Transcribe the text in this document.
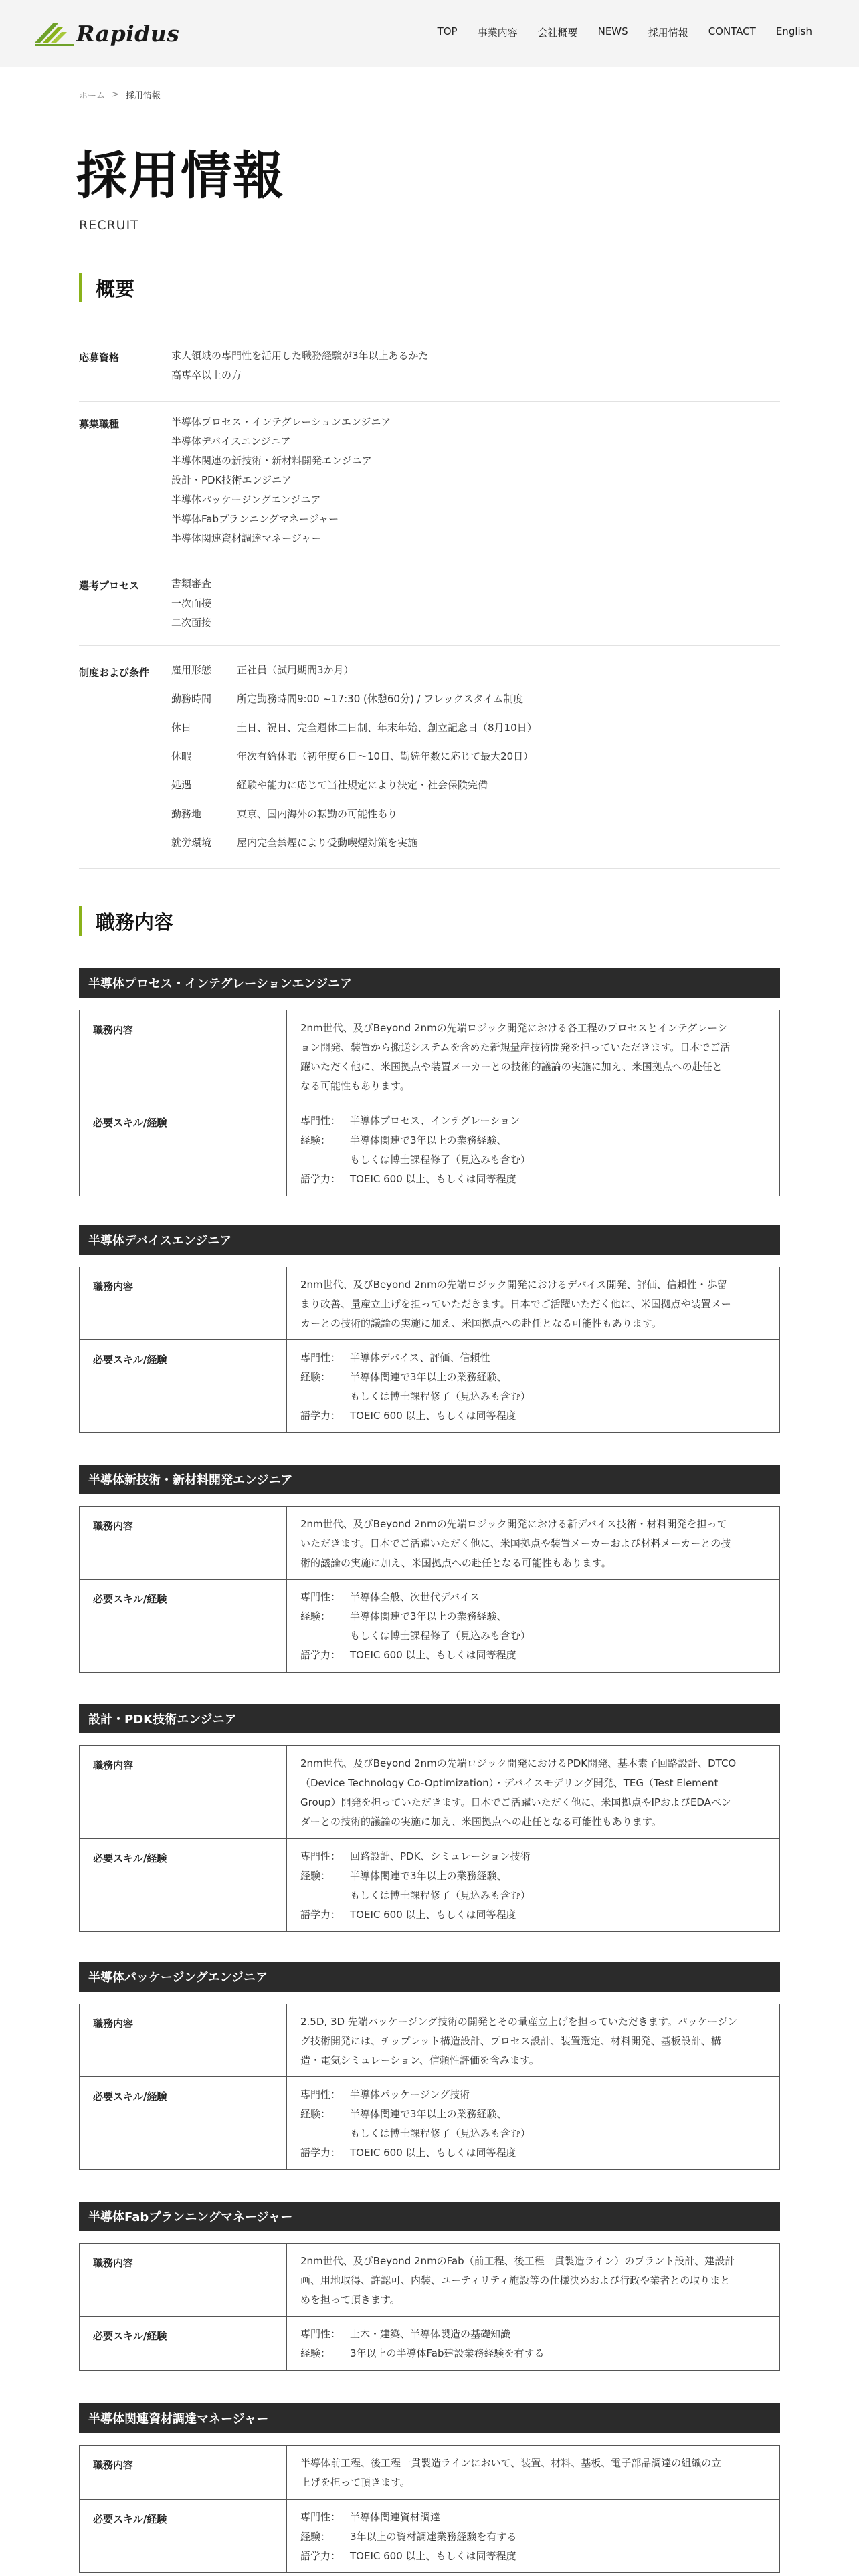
Rapidus	TOP 事業内容 会社概要 NEWS 採用情報 CONTACT English
ホーム > 採用情報
採用情報
RECRUIT
概要
応募資格	求人領域の専門性を活用した職務経験が3年以上あるかた
高専卒以上の方
募集職種	半導体プロセス・インテグレーションエンジニア
半導体デバイスエンジニア
半導体関連の新技術・新材料開発エンジニア
設計・PDK技術エンジニア
半導体パッケージングエンジニア
半導体Fabプランニングマネージャー
半導体関連資材調達マネージャー
選考プロセス	書類審査
一次面接
二次面接
制度および条件 雇用形態	正社員（試用期間3か月）
勤務時間	所定勤務時間9:00 ~17:30 (休憩60分) / フレックスタイム制度
休日	土日、祝日、完全週休二日制、年末年始、創立記念日（8月10日）
休暇	年次有給休暇（初年度６日～10日、勤続年数に応じて最大20日）
処遇	経験や能力に応じて当社規定により決定・社会保険完備
勤務地	東京、国内海外の転勤の可能性あり
就労環境	屋内完全禁煙により受動喫煙対策を実施
職務内容
半導体プロセス・インテグレーションエンジニア
職務内容	2nm世代、及びBeyond 2nmの先端ロジック開発における各工程のプロセスとインテグレーシ
ョン開発、装置から搬送システムを含めた新規量産技術開発を担っていただきます。日本でご活
躍いただく他に、米国拠点や装置メーカーとの技術的議論の実施に加え、米国拠点への赴任と
なる可能性もあります。
必要スキル/経験	専門性： 半導体プロセス、インテグレーション
経験：	半導体関連で3年以上の業務経験、
もしくは博士課程修了（見込みも含む）
語学力： TOEIC 600 以上、もしくは同等程度
半導体デバイスエンジニア
職務内容	2nm世代、及びBeyond 2nmの先端ロジック開発におけるデバイス開発、評価、信頼性・歩留
まり改善、量産立上げを担っていただきます。日本でご活躍いただく他に、米国拠点や装置メー
カーとの技術的議論の実施に加え、米国拠点への赴任となる可能性もあります。
必要スキル/経験	専門性： 半導体デバイス、評価、信頼性
経験：	半導体関連で3年以上の業務経験、
もしくは博士課程修了（見込みも含む）
語学力： TOEIC 600 以上、もしくは同等程度
半導体新技術・新材料開発エンジニア
職務内容	2nm世代、及びBeyond 2nmの先端ロジック開発における新デバイス技術・材料開発を担って
いただきます。日本でご活躍いただく他に、米国拠点や装置メーカーおよび材料メーカーとの技
術的議論の実施に加え、米国拠点への赴任となる可能性もあります。
必要スキル/経験	専門性： 半導体全般、次世代デバイス
経験：	半導体関連で3年以上の業務経験、
もしくは博士課程修了（見込みも含む）
語学力： TOEIC 600 以上、もしくは同等程度
設計・PDK技術エンジニア
職務内容	2nm世代、及びBeyond 2nmの先端ロジック開発におけるPDK開発、基本素子回路設計、DTCO
（Device Technology Co-Optimization）・デバイスモデリング開発、TEG（Test Element
Group）開発を担っていただきます。日本でご活躍いただく他に、米国拠点やIPおよびEDAベン
ダーとの技術的議論の実施に加え、米国拠点への赴任となる可能性もあります。
必要スキル/経験	専門性： 回路設計、PDK、シミュレーション技術
経験：	半導体関連で3年以上の業務経験、
もしくは博士課程修了（見込みも含む）
語学力： TOEIC 600 以上、もしくは同等程度
半導体パッケージングエンジニア
職務内容	2.5D, 3D 先端パッケージング技術の開発とその量産立上げを担っていただきます。パッケージン
グ技術開発には、チップレット構造設計、プロセス設計、装置選定、材料開発、基板設計、構
造・電気シミュレーション、信頼性評価を含みます。
必要スキル/経験	専門性： 半導体パッケージング技術
経験：	半導体関連で3年以上の業務経験、
もしくは博士課程修了（見込みも含む）
語学力： TOEIC 600 以上、もしくは同等程度
半導体Fabプランニングマネージャー
職務内容	2nm世代、及びBeyond 2nmのFab（前工程、後工程一貫製造ライン）のプラント設計、建設計
画、用地取得、許認可、内装、ユーティリティ施設等の仕様決めおよび行政や業者との取りまと
めを担って頂きます。
必要スキル/経験	専門性： 土木・建築、半導体製造の基礎知識
経験：	3年以上の半導体Fab建設業務経験を有する
半導体関連資材調達マネージャー
職務内容	半導体前工程、後工程一貫製造ラインにおいて、装置、材料、基板、電子部品調達の組織の立
上げを担って頂きます。
必要スキル/経験	専門性： 半導体関連資材調達
経験：	3年以上の資材調達業務経験を有する
語学力： TOEIC 600 以上、もしくは同等程度
